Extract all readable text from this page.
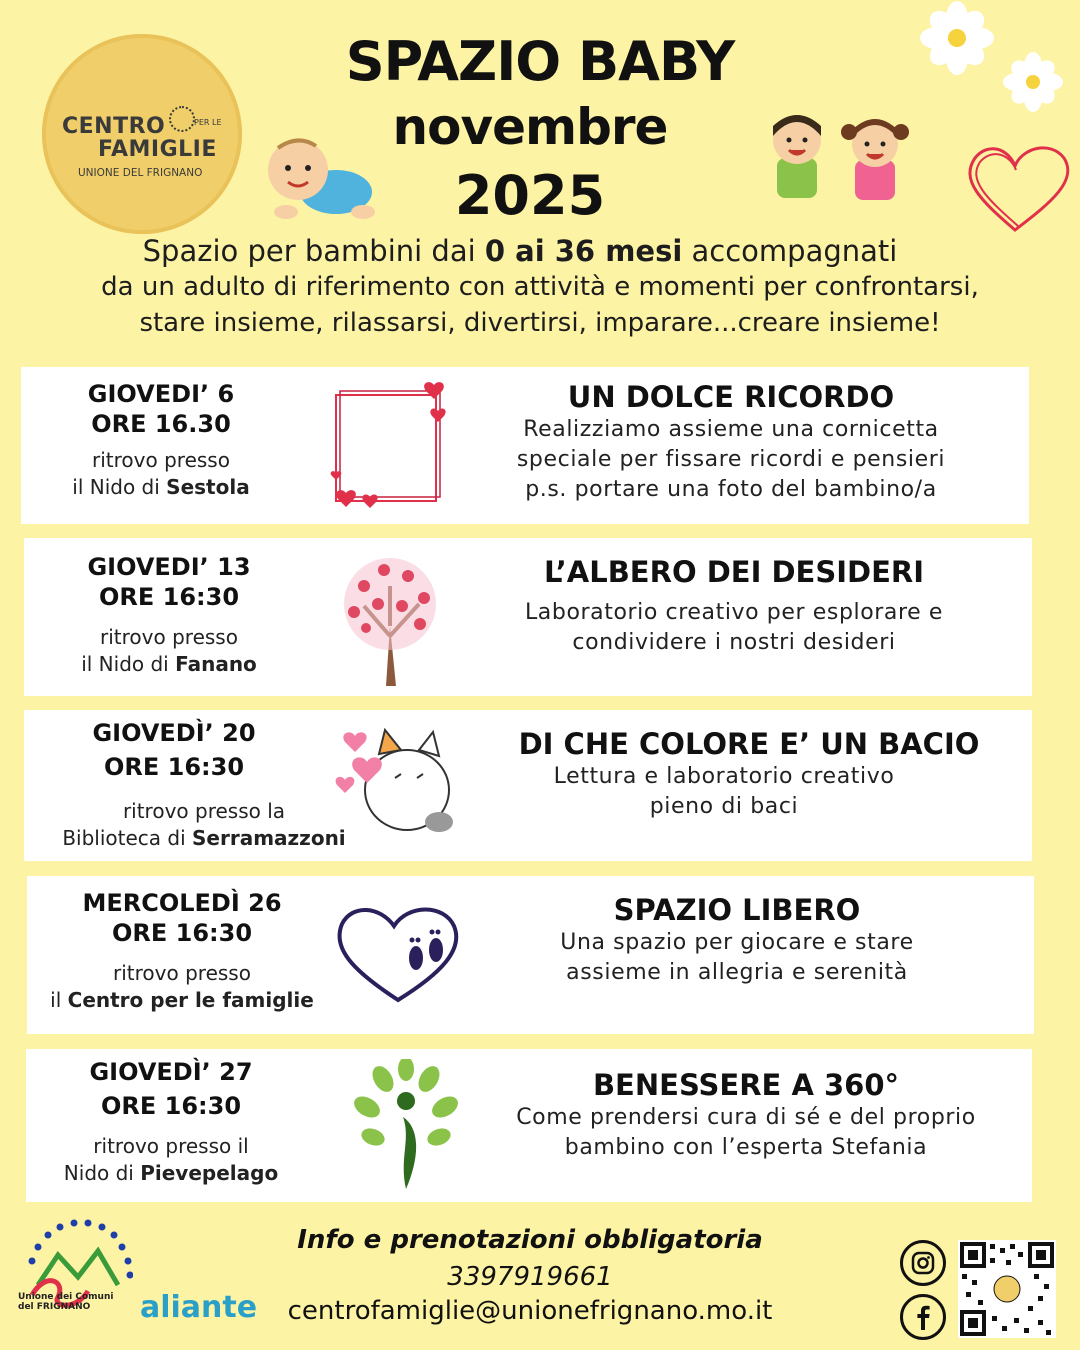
CENTRO	PER LE
FAMIGLIE
UNIONE DEL FRIGNANO
SPAZIO BABY
novembre
2025
Spazio per bambini dai 0 ai 36 mesi accompagnati
da un adulto di riferimento con attività e momenti per confrontarsi,
stare insieme, rilassarsi, divertirsi, imparare...creare insieme!
GIOVEDI’ 6
ORE 16.30
ritrovo presso
il Nido di Sestola
UN DOLCE RICORDO
Realizziamo assieme una cornicetta
speciale per fissare ricordi e pensieri
p.s. portare una foto del bambino/a
GIOVEDI’ 13
ORE 16:30
ritrovo presso
il Nido di Fanano
L’ALBERO DEI DESIDERI
Laboratorio creativo per esplorare e
condividere i nostri desideri
GIOVEDÌ’ 20
ORE 16:30
ritrovo presso la
Biblioteca di Serramazzoni
DI CHE COLORE E’ UN BACIO
Lettura e laboratorio creativo
pieno di baci
MERCOLEDÌ 26
ORE 16:30
ritrovo presso
il Centro per le famiglie
SPAZIO LIBERO
Una spazio per giocare e stare
assieme in allegria e serenità
GIOVEDÌ’ 27
ORE 16:30
ritrovo presso il
Nido di Pievepelago
BENESSERE A 360°
Come prendersi cura di sé e del proprio
bambino con l’esperta Stefania
Unione dei Comuni del FRIGNANO	aliante
Info e prenotazioni obbligatoria
3397919661
centrofamiglie@unionefrignano.mo.it
